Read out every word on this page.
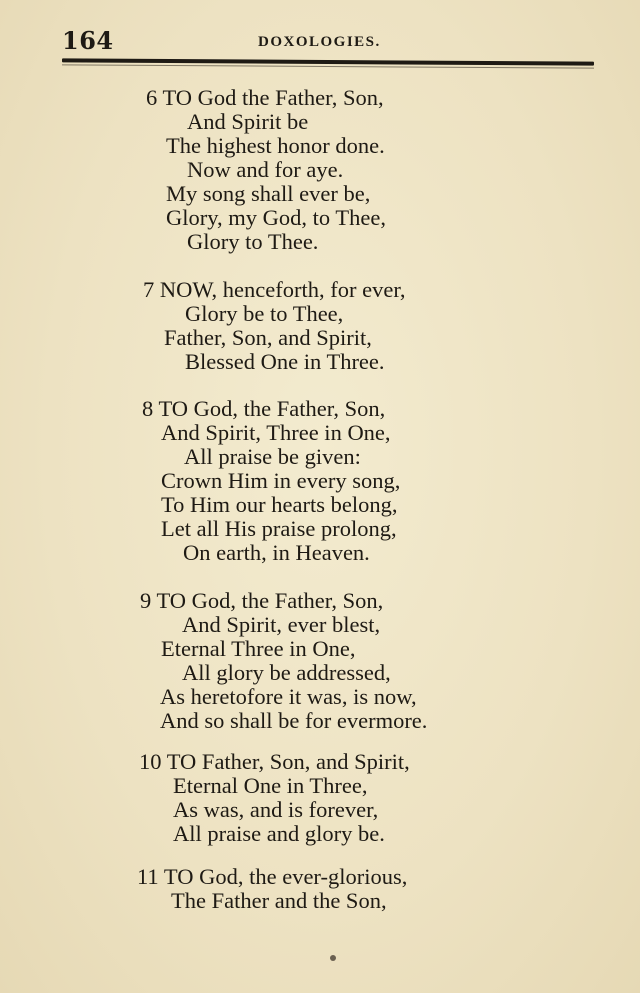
164	DOXOLOGIES.
6 TO God the Father, Son,
And Spirit be
The highest honor done.
Now and for aye.
My song shall ever be,
Glory, my God, to Thee,
Glory to Thee.
7 NOW, henceforth, for ever,
Glory be to Thee,
Father, Son, and Spirit,
Blessed One in Three.
8 TO God, the Father, Son,
And Spirit, Three in One,
All praise be given:
Crown Him in every song,
To Him our hearts belong,
Let all His praise prolong,
On earth, in Heaven.
9 TO God, the Father, Son,
And Spirit, ever blest,
Eternal Three in One,
All glory be addressed,
As heretofore it was, is now,
And so shall be for evermore.
10 TO Father, Son, and Spirit,
Eternal One in Three,
As was, and is forever,
All praise and glory be.
11 TO God, the ever-glorious,
The Father and the Son,
